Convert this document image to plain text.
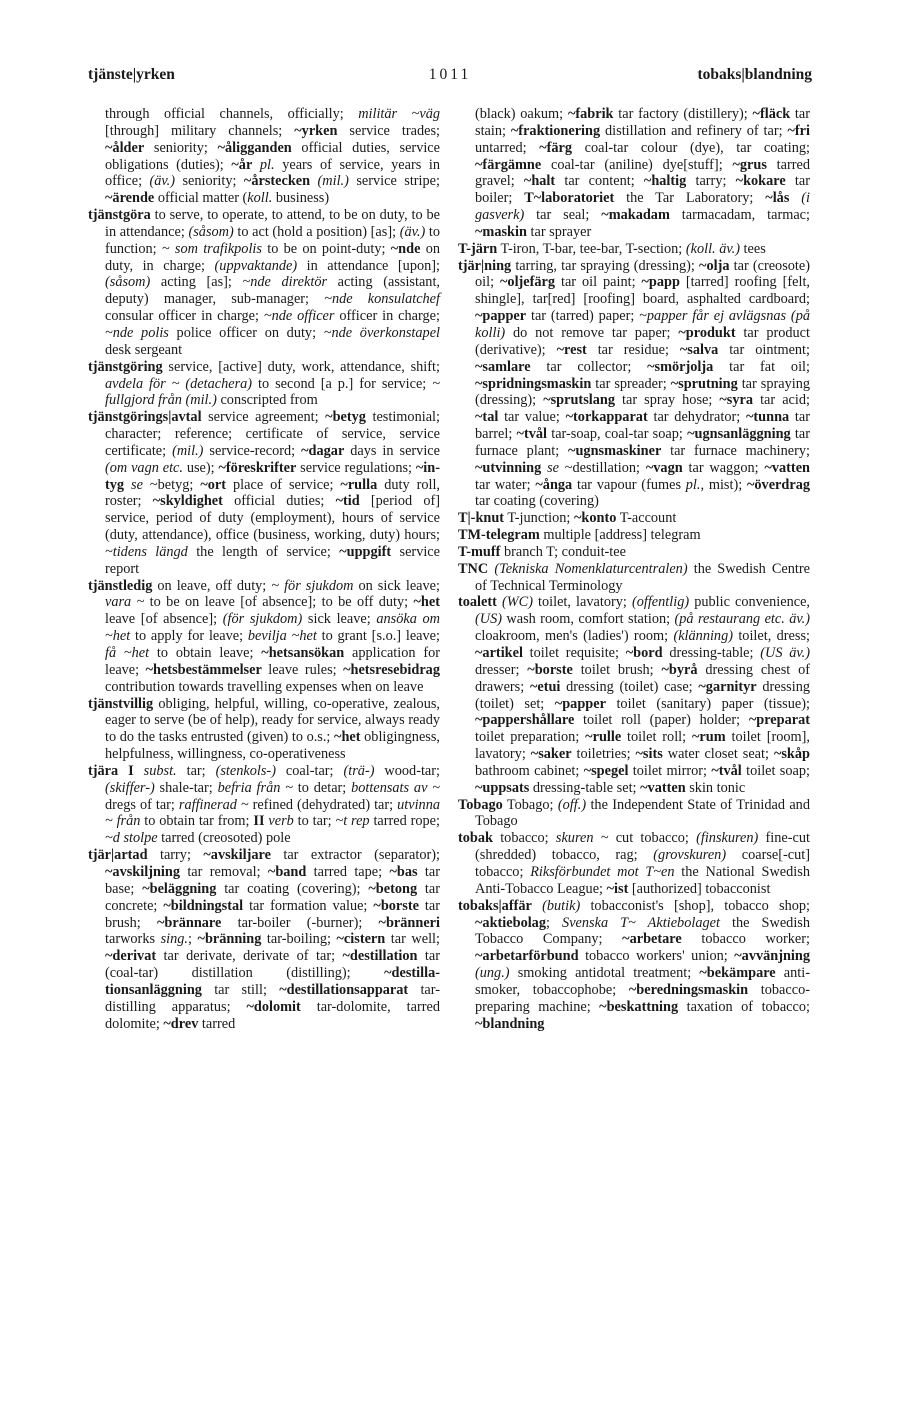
1011
tjänste|yrken	tobaks|blandning

through official channels, officially; militär ~väg [through] military channels; ~yrken service trades; ~ålder seniority; ~åligganden official duties, service obligations (duties); ~år pl. years of service, years in office; (äv.) seniority; ~årstecken (mil.) service stripe; ~ärende official matter (koll. business)

tjänstgöra to serve, to operate, to attend, to be on duty, to be in attendance; (såsom) to act (hold a position) [as]; (äv.) to function; ~ som trafikpolis to be on point-duty; ~nde on duty, in charge; (uppvaktande) in attendance [upon]; (såsom) acting [as]; ~nde direktör acting (assistant, deputy) manager, sub-manager; ~nde konsulatchef consular officer in charge; ~nde officer officer in charge; ~nde polis police officer on duty; ~nde överkonstapel desk sergeant

tjänstgöring service, [active] duty, work, attendance, shift; avdela för ~ (detachera) to second [a p.] for service; ~ fullgjord från (mil.) conscripted from

tjänstgörings|avtal service agreement; ~betyg testimonial; character; reference; certificate of service, service certificate; (mil.) service-record; ~dagar days in service (om vagn etc. use); ~föreskrifter service regulations; ~intyg se ~betyg; ~ort place of service; ~rulla duty roll, roster; ~skyldighet official duties; ~tid [period of] service, period of duty (employment), hours of service (duty, attendance), office (business, working, duty) hours; ~tidens längd the length of service; ~uppgift service report

tjänstledig on leave, off duty; ~ för sjukdom on sick leave; vara ~ to be on leave [of absence]; to be off duty; ~het leave [of absence]; (för sjukdom) sick leave; ansöka om ~het to apply for leave; bevilja ~het to grant [s.o.] leave; få ~het to obtain leave; ~hetsansökan application for leave; ~hetsbestämmelser leave rules; ~hetsresebidrag contribution towards travelling expenses when on leave

tjänstvillig obliging, helpful, willing, co-operative, zealous, eager to serve (be of help), ready for service, always ready to do the tasks entrusted (given) to o.s.; ~het obligingness, helpfulness, willingness, co-operativeness

tjära I subst. tar; (stenkols-) coal-tar; (trä-) wood-tar; (skiffer-) shale-tar; befria från ~ to detar; bottensats av ~ dregs of tar; raffinerad ~ refined (dehydrated) tar; utvinna ~ från to obtain tar from; II verb to tar; ~t rep tarred rope; ~d stolpe tarred (creosoted) pole

tjär|artad tarry; ~avskiljare tar extractor (separator); ~avskiljning tar removal; ~band tarred tape; ~bas tar base; ~beläggning tar coating (covering); ~betong tar concrete; ~bildningstal tar formation value; ~borste tar brush; ~brännare tar-boiler (-burner); ~bränneri tarworks sing.; ~bränning tar-boiling; ~cistern tar well; ~derivat tar derivate, derivate of tar; ~destillation tar (coal-tar) distillation (distilling); ~destillationsanläggning tar still; ~destillationsapparat tar-distilling apparatus; ~dolomit tar-dolomite, tarred dolomite; ~drev tarred

(black) oakum; ~fabrik tar factory (distillery); ~fläck tar stain; ~fraktionering distillation and refinery of tar; ~fri untarred; ~färg coal-tar colour (dye), tar coating; ~färgämne coal-tar (aniline) dye[stuff]; ~grus tarred gravel; ~halt tar content; ~haltig tarry; ~kokare tar boiler; T~laboratoriet the Tar Laboratory; ~lås (i gasverk) tar seal; ~makadam tarmacadam, tarmac; ~maskin tar sprayer

T-järn T-iron, T-bar, tee-bar, T-section; (koll. äv.) tees

tjär|ning tarring, tar spraying (dressing); ~olja tar (creosote) oil; ~oljefärg tar oil paint; ~papp [tarred] roofing [felt, shingle], tar[red] [roofing] board, asphalted cardboard; ~papper tar (tarred) paper; ~papper får ej avlägsnas (på kolli) do not remove tar paper; ~produkt tar product (derivative); ~rest tar residue; ~salva tar ointment; ~samlare tar collector; ~smörjolja tar fat oil; ~spridningsmaskin tar spreader; ~sprutning tar spraying (dressing); ~sprutslang tar spray hose; ~syra tar acid; ~tal tar value; ~torkapparat tar dehydrator; ~tunna tar barrel; ~tvål tar-soap, coal-tar soap; ~ugnsanläggning tar furnace plant; ~ugnsmaskiner tar furnace machinery; ~utvinning se ~destillation; ~vagn tar waggon; ~vatten tar water; ~ånga tar vapour (fumes pl., mist); ~överdrag tar coating (covering)

T|-knut T-junction; ~konto T-account

TM-telegram multiple [address] telegram

T-muff branch T; conduit-tee

TNC (Tekniska Nomenklaturcentralen) the Swedish Centre of Technical Terminology

toalett (WC) toilet, lavatory; (offentlig) public convenience, (US) wash room, comfort station; (på restaurang etc. äv.) cloakroom, men's (ladies') room; (klänning) toilet, dress; ~artikel toilet requisite; ~bord dressing-table; (US äv.) dresser; ~borste toilet brush; ~byrå dressing chest of drawers; ~etui dressing (toilet) case; ~garnityr dressing (toilet) set; ~papper toilet (sanitary) paper (tissue); ~pappershållare toilet roll (paper) holder; ~preparat toilet preparation; ~rulle toilet roll; ~rum toilet [room], lavatory; ~saker toiletries; ~sits water closet seat; ~skåp bathroom cabinet; ~spegel toilet mirror; ~tvål toilet soap; ~uppsats dressing-table set; ~vatten skin tonic

Tobago Tobago; (off.) the Independent State of Trinidad and Tobago

tobak tobacco; skuren ~ cut tobacco; (finskuren) fine-cut (shredded) tobacco, rag; (grovskuren) coarse[-cut] tobacco; Riksförbundet mot T~en the National Swedish Anti-Tobacco League; ~ist [authorized] tobacconist

tobaks|affär (butik) tobacconist's [shop], tobacco shop; ~aktiebolag; Svenska T~ Aktiebolaget the Swedish Tobacco Company; ~arbetare tobacco worker; ~arbetarförbund tobacco workers' union; ~avvänjning (ung.) smoking antidotal treatment; ~bekämpare anti-smoker, tobaccophobe; ~beredningsmaskin tobacco-preparing machine; ~beskattning taxation of tobacco; ~blandning
